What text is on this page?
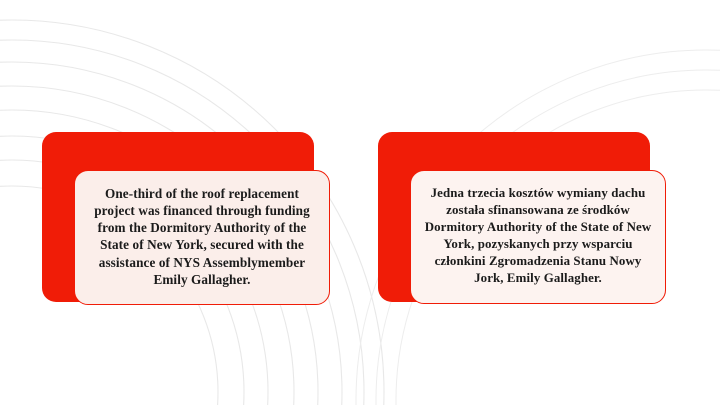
One-third of the roof replacement project was financed through funding from the Dormitory Authority of the State of New York, secured with the assistance of NYS Assemblymember Emily Gallagher.
Jedna trzecia kosztów wymiany dachu została sfinansowana ze środków Dormitory Authority of the State of New York, pozyskanych przy wsparciu członkini Zgromadzenia Stanu Nowy Jork, Emily Gallagher.
